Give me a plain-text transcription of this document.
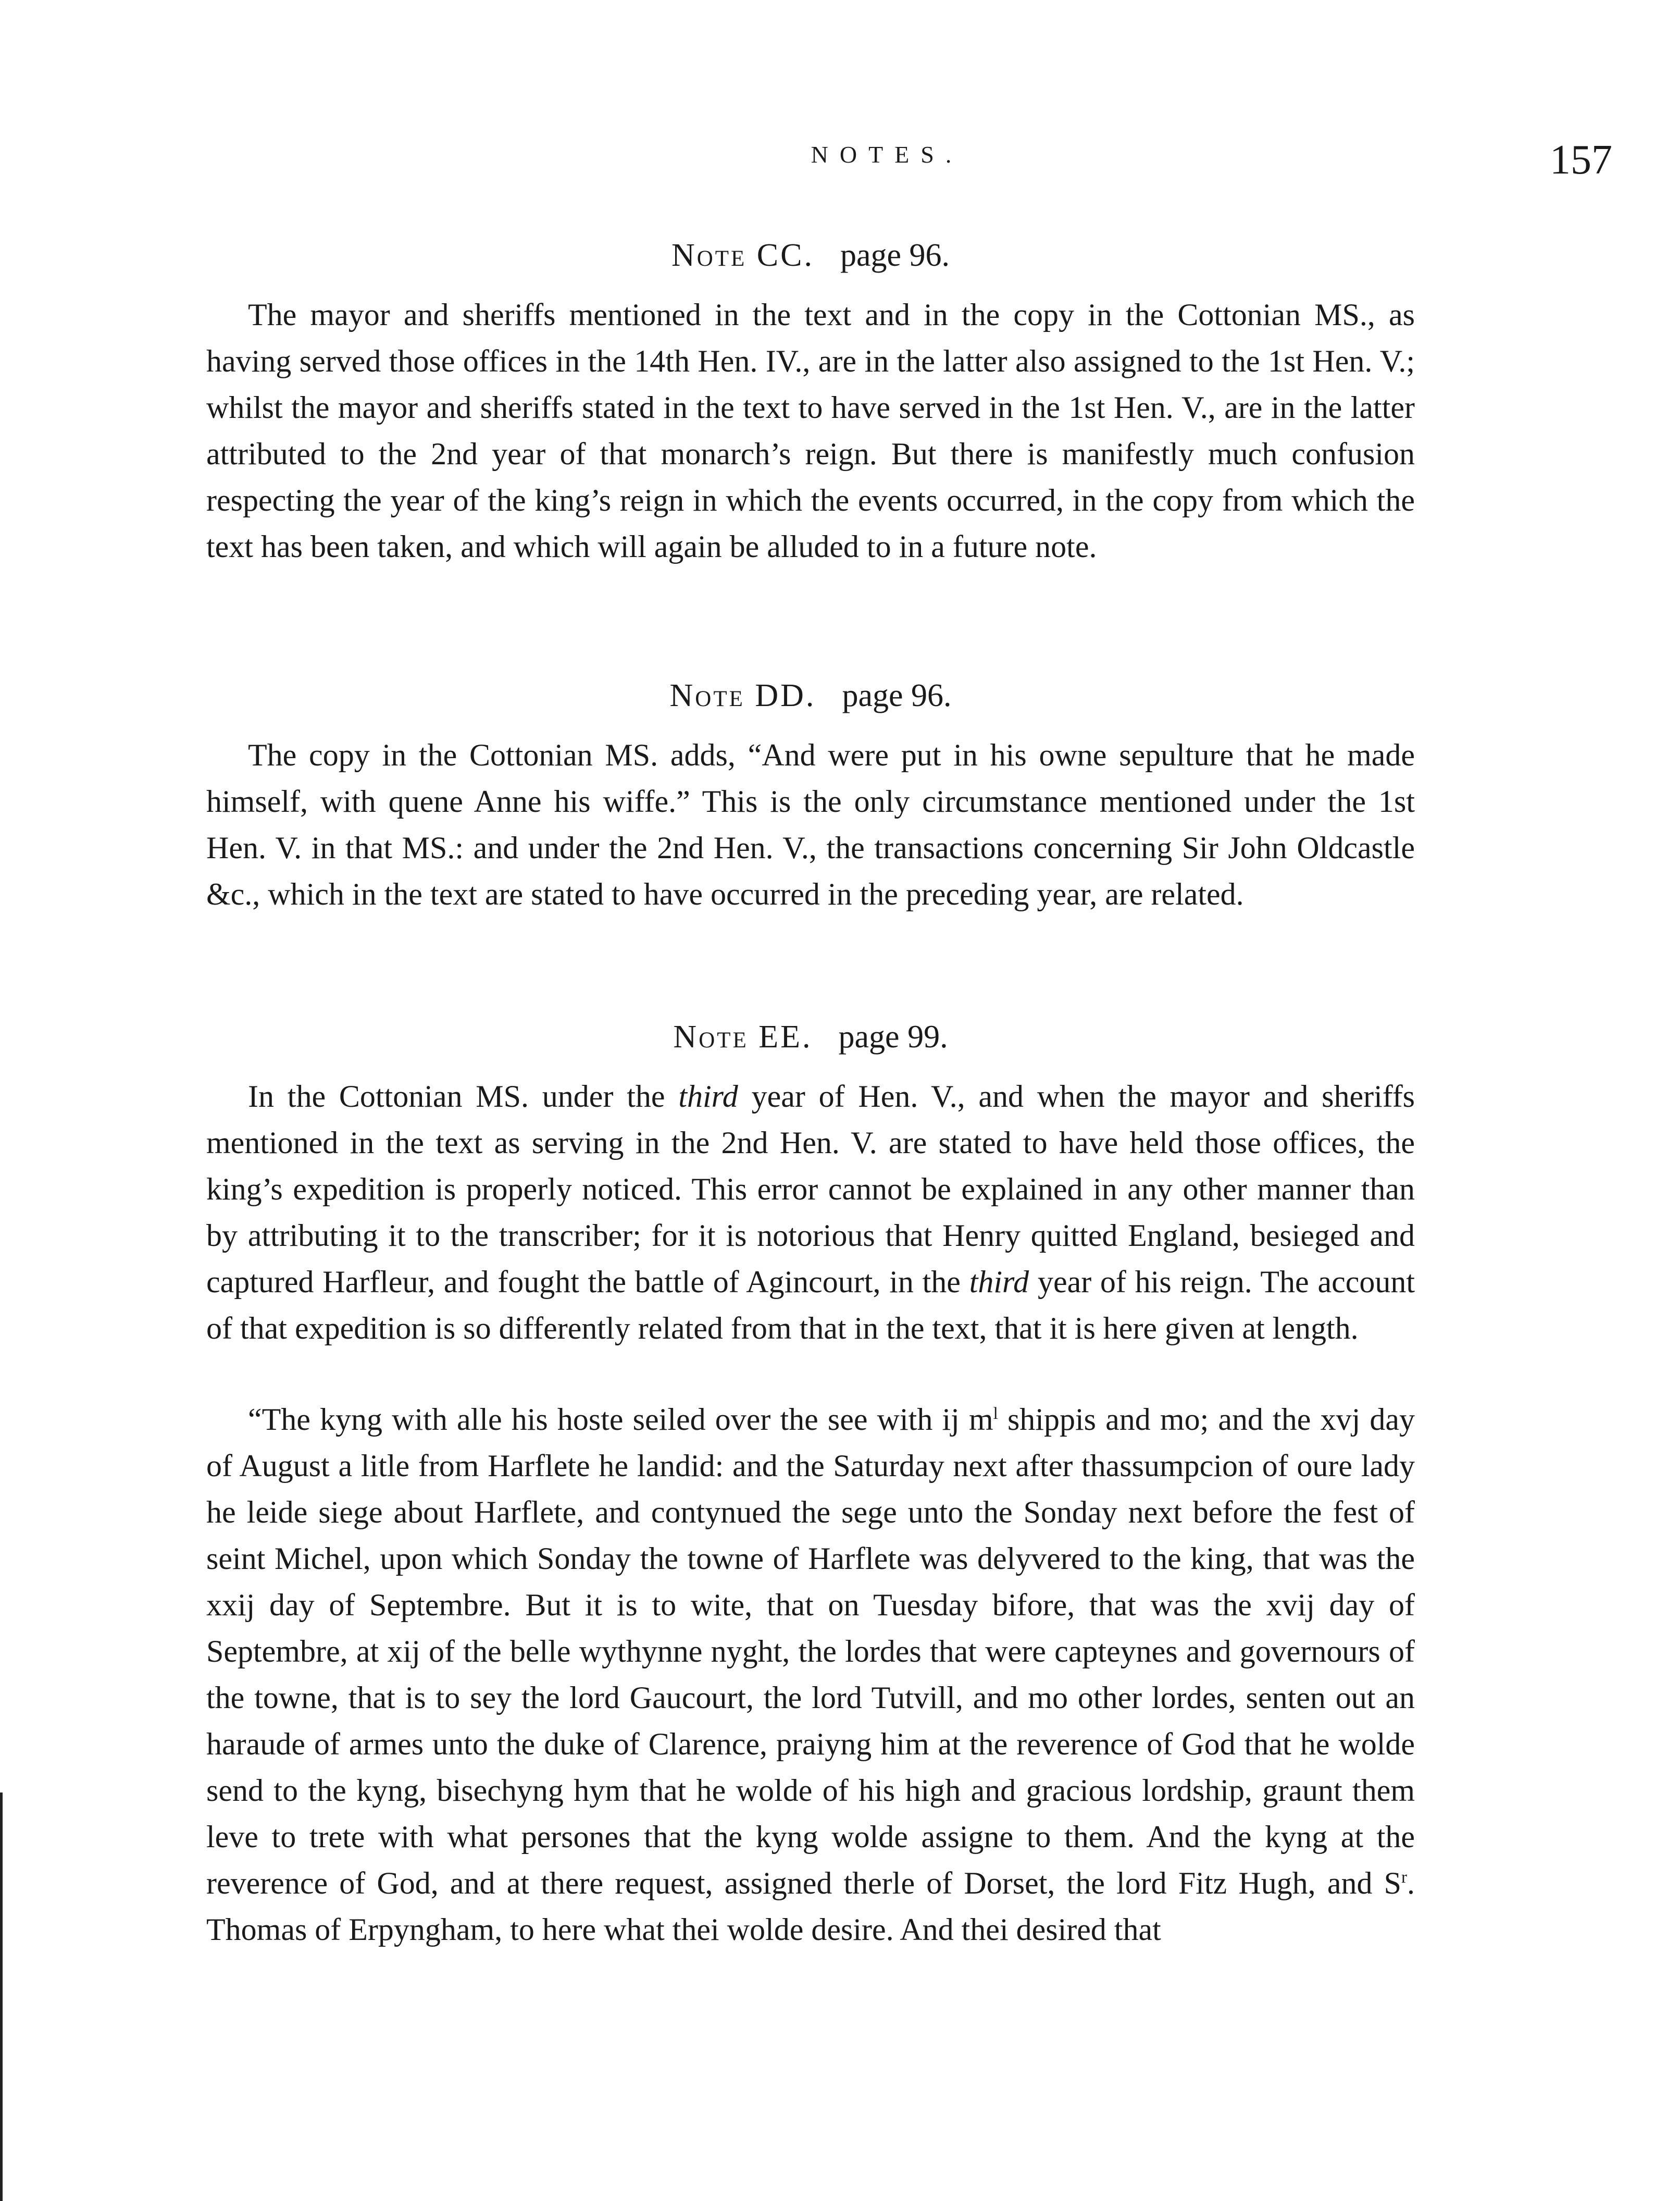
NOTES.	157
Note CC. page 96.

The mayor and sheriffs mentioned in the text and in the copy in the Cottonian MS., as having served those offices in the 14th Hen. IV., are in the latter also assigned to the 1st Hen. V.; whilst the mayor and sheriffs stated in the text to have served in the 1st Hen. V., are in the latter attributed to the 2nd year of that monarch’s reign. But there is manifestly much confusion respecting the year of the king’s reign in which the events occurred, in the copy from which the text has been taken, and which will again be alluded to in a future note.

Note DD. page 96.

The copy in the Cottonian MS. adds, “And were put in his owne sepulture that he made himself, with quene Anne his wiffe.” This is the only circumstance mentioned under the 1st Hen. V. in that MS.: and under the 2nd Hen. V., the transactions concerning Sir John Oldcastle &c., which in the text are stated to have occurred in the preceding year, are related.

Note EE. page 99.

In the Cottonian MS. under the third year of Hen. V., and when the mayor and sheriffs mentioned in the text as serving in the 2nd Hen. V. are stated to have held those offices, the king’s expedition is properly noticed. This error cannot be explained in any other manner than by attributing it to the transcriber; for it is notorious that Henry quitted England, besieged and captured Harfleur, and fought the battle of Agincourt, in the third year of his reign. The account of that expedition is so differently related from that in the text, that it is here given at length.

“The kyng with alle his hoste seiled over the see with ij $m^l$ shippis and mo; and the xvj day of August a litle from Harflete he landid: and the Saturday next after thassumpcion of oure lady he leide siege about Harflete, and contynued the sege unto the Sonday next before the fest of seint Michel, upon which Sonday the towne of Harflete was delyvered to the king, that was the xxij day of Septembre. But it is to wite, that on Tuesday bifore, that was the xvij day of Septembre, at xij of the belle wythynne nyght, the lordes that were capteynes and governours of the towne, that is to sey the lord Gaucourt, the lord Tutvill, and mo other lordes, senten out an haraude of armes unto the duke of Clarence, praiyng him at the reverence of God that he wolde send to the kyng, bisechyng hym that he wolde of his high and gracious lordship, graunt them leve to trete with what persones that the kyng wolde assigne to them. And the kyng at the reverence of God, and at there request, assigned therle of Dorset, the lord Fitz Hugh, and $S^r$. Thomas of Erpyngham, to here what thei wolde desire. And thei desired that
